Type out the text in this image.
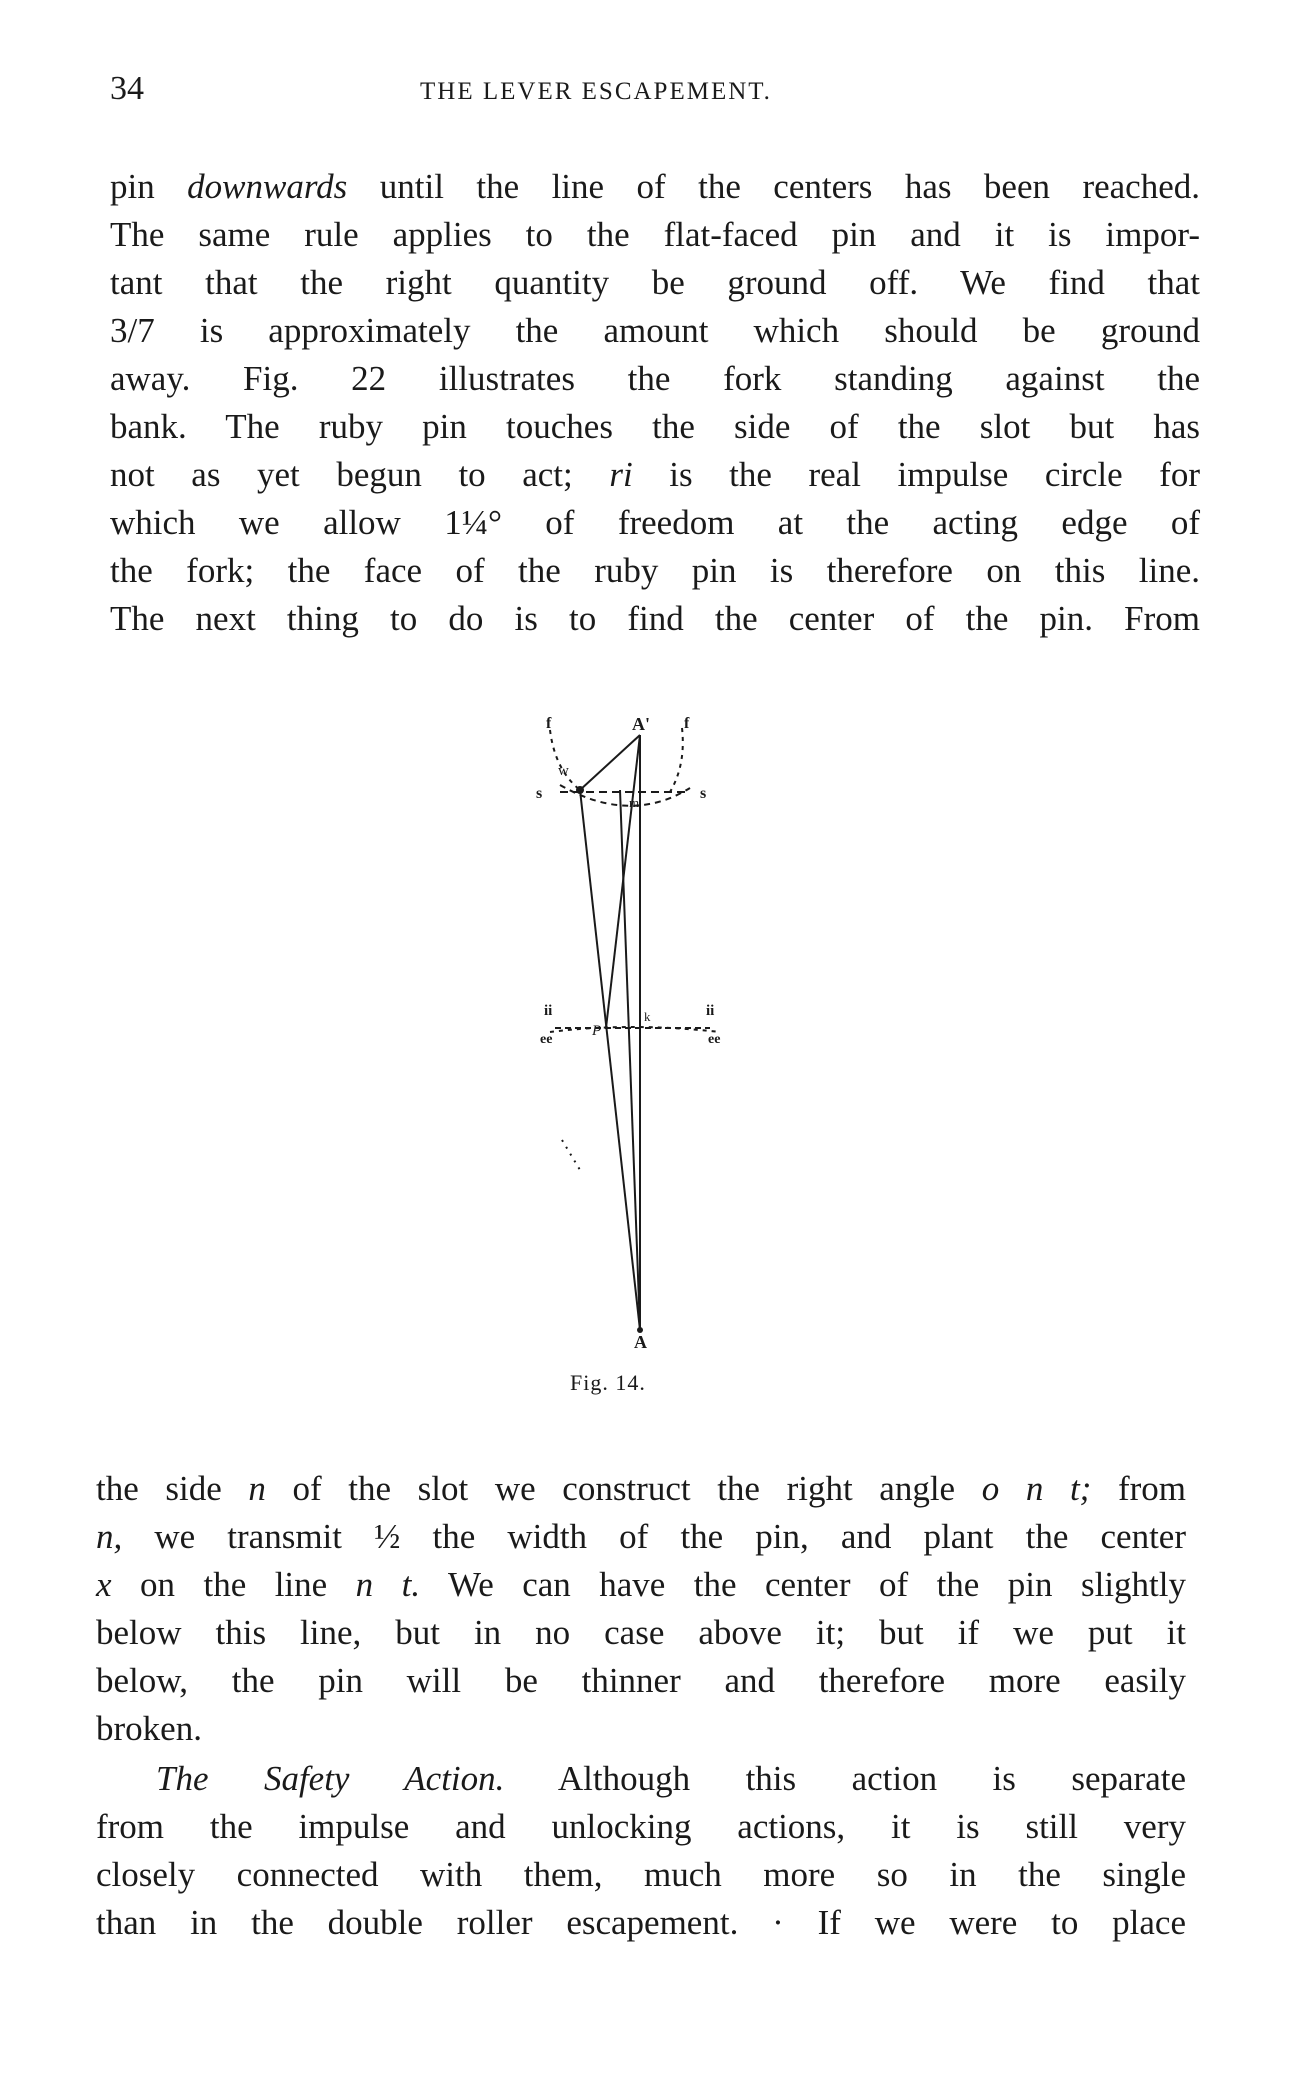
34	THE LEVER ESCAPEMENT.
pin downwards until the line of the centers has been reached.
The same rule applies to the flat-faced pin and it is impor-
tant that the right quantity be ground off. We find that
3/7 is approximately the amount which should be ground
away. Fig. 22 illustrates the fork standing against the
bank. The ruby pin touches the side of the slot but has
not as yet begun to act; ri is the real impulse circle for
which we allow 1¼° of freedom at the acting edge of
the fork; the face of the ruby pin is therefore on this line.
The next thing to do is to find the center of the pin. From
A'
A
w
m
P
k
ii	ii
ee	ee
s	s
f	f
Fig. 14.
the side n of the slot we construct the right angle o n t; from
n, we transmit ½ the width of the pin, and plant the center
x on the line n t. We can have the center of the pin slightly
below this line, but in no case above it; but if we put it
below, the pin will be thinner and therefore more easily
broken.
The Safety Action. Although this action is separate
from the impulse and unlocking actions, it is still very
closely connected with them, much more so in the single
than in the double roller escapement. · If we were to place
